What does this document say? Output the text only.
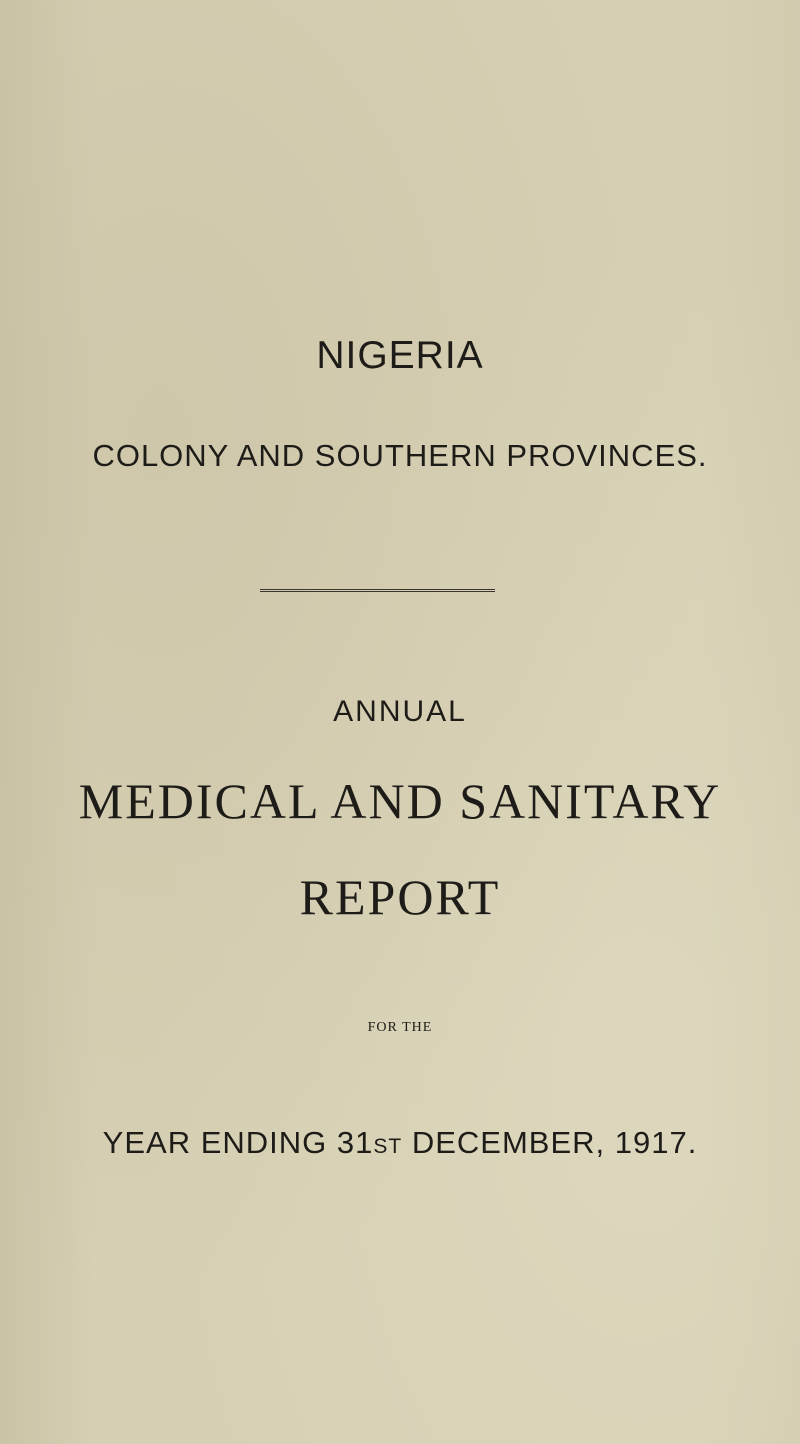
NIGERIA
COLONY AND SOUTHERN PROVINCES.
ANNUAL
MEDICAL AND SANITARY
REPORT
FOR THE
YEAR ENDING 31ST DECEMBER, 1917.
